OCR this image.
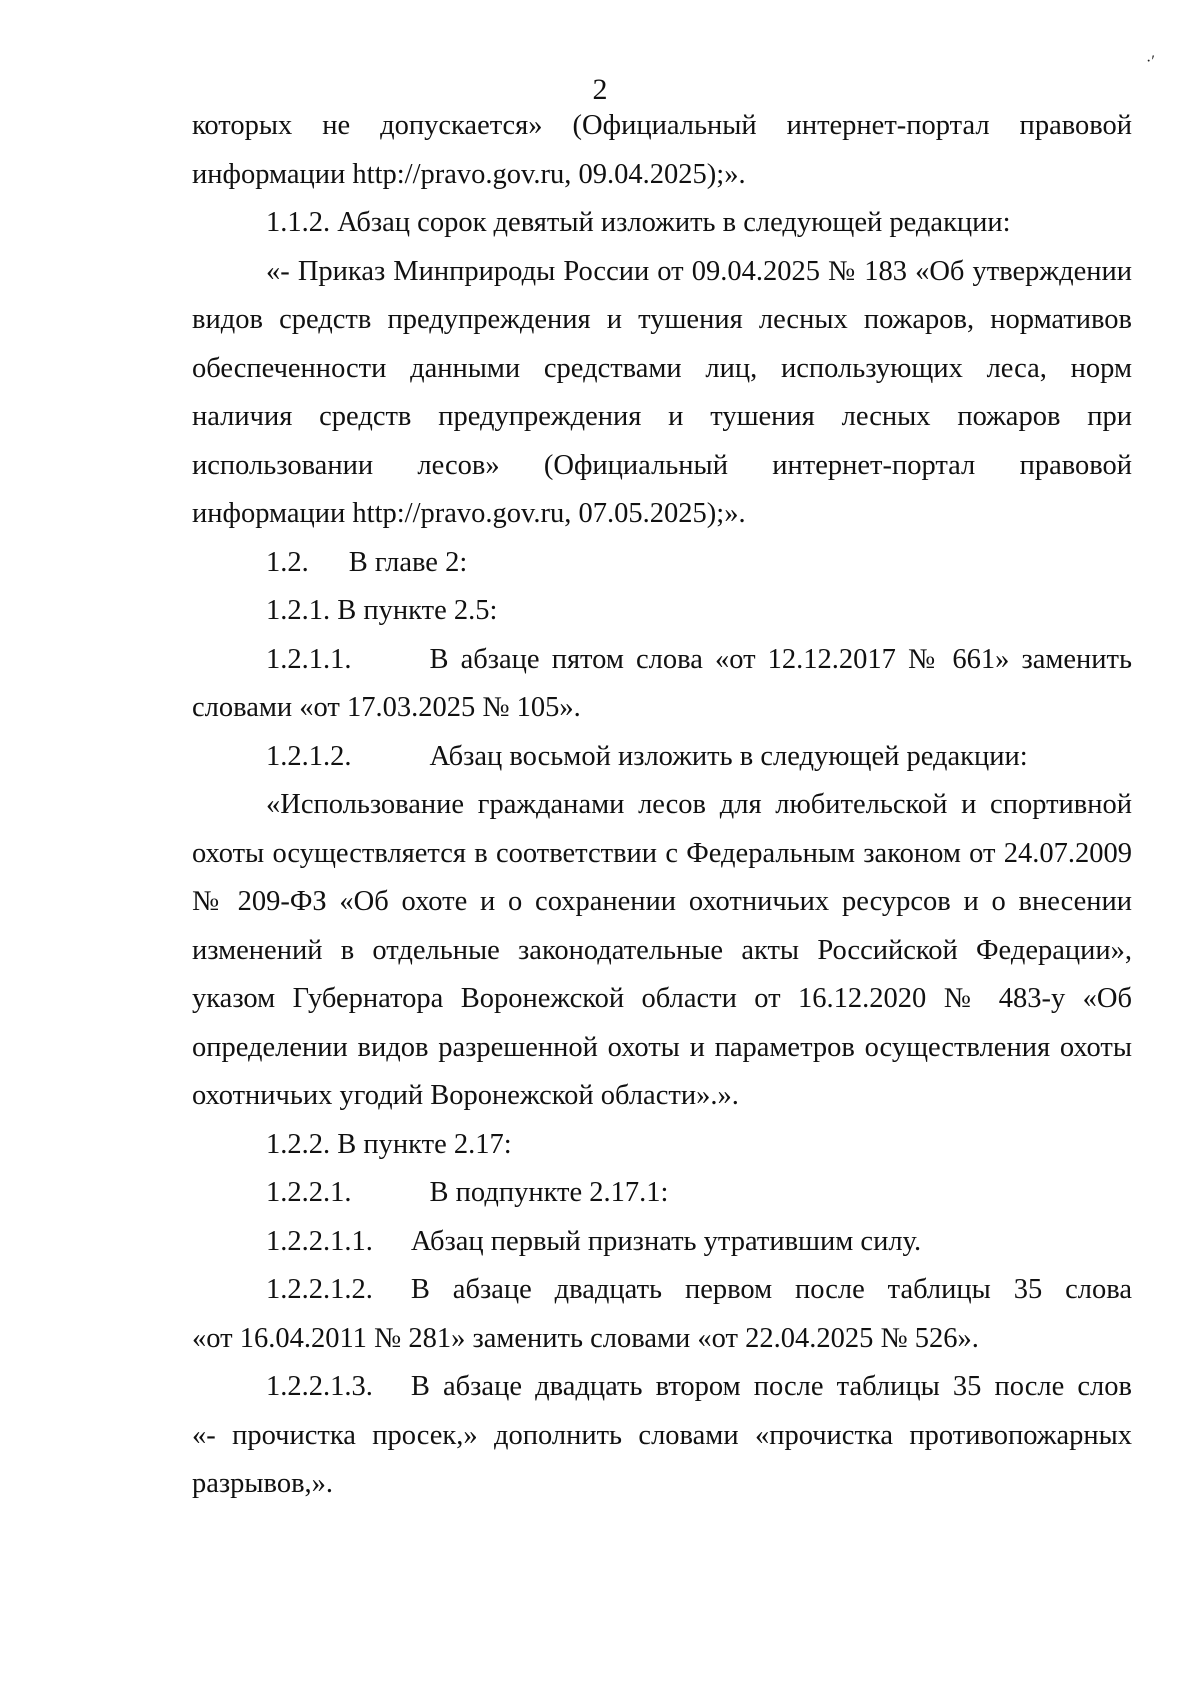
2
·′

которых не допускается» (Официальный интернет-портал правовой

информации http://pravo.gov.ru, 09.04.2025);».

1.1.2. Абзац сорок девятый изложить в следующей редакции:

«- Приказ Минприроды России от 09.04.2025 № 183 «Об утверждении

видов средств предупреждения и тушения лесных пожаров, нормативов

обеспеченности данными средствами лиц, использующих леса, норм

наличия средств предупреждения и тушения лесных пожаров при

использовании лесов» (Официальный интернет-портал правовой

информации http://pravo.gov.ru, 07.05.2025);».

1.2. В главе 2:

1.2.1. В пункте 2.5:

1.2.1.1.	В абзаце пятом слова «от 12.12.2017 № 661» заменить

словами «от 17.03.2025 № 105».

1.2.1.2.	Абзац восьмой изложить в следующей редакции:

«Использование гражданами лесов для любительской и спортивной

охоты осуществляется в соответствии с Федеральным законом от 24.07.2009

№ 209-ФЗ «Об охоте и о сохранении охотничьих ресурсов и о внесении

изменений в отдельные законодательные акты Российской Федерации»,

указом Губернатора Воронежской области от 16.12.2020 № 483-у «Об

определении видов разрешенной охоты и параметров осуществления охоты

охотничьих угодий Воронежской области».».

1.2.2. В пункте 2.17:

1.2.2.1.	В подпункте 2.17.1:

1.2.2.1.1. Абзац первый признать утратившим силу.

1.2.2.1.2. В абзаце двадцать первом после таблицы 35 слова

«от 16.04.2011 № 281» заменить словами «от 22.04.2025 № 526».

1.2.2.1.3. В абзаце двадцать втором после таблицы 35 после слов

«- прочистка просек,» дополнить словами «прочистка противопожарных

разрывов,».
